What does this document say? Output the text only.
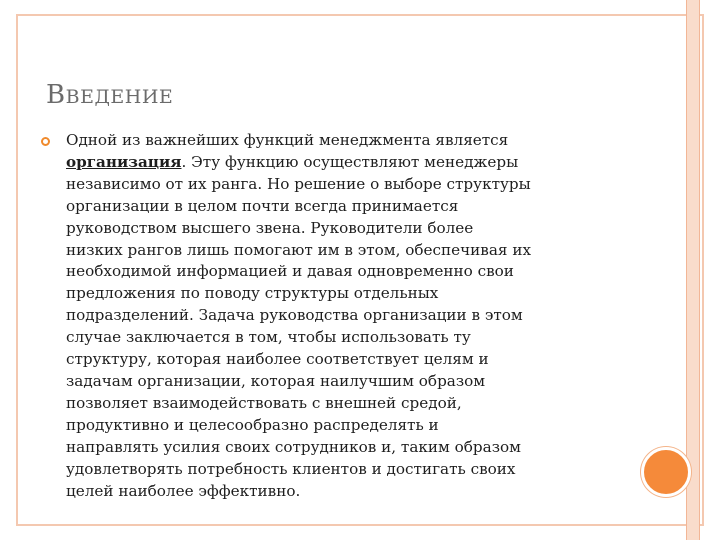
ВВЕДЕНИЕ
Одной из важнейших функций менеджмента является
организация. Эту функцию осуществляют менеджеры
независимо от их ранга. Но решение о выборе структуры
организации в целом почти всегда принимается
руководством высшего звена. Руководители более
низких рангов лишь помогают им в этом, обеспечивая их
необходимой информацией и давая одновременно свои
предложения по поводу структуры отдельных
подразделений. Задача руководства организации в этом
случае заключается в том, чтобы использовать ту
структуру, которая наиболее соответствует целям и
задачам организации, которая наилучшим образом
позволяет взаимодействовать с внешней средой,
продуктивно и целесообразно распределять и
направлять усилия своих сотрудников и, таким образом
удовлетворять потребность клиентов и достигать своих
целей наиболее эффективно.
